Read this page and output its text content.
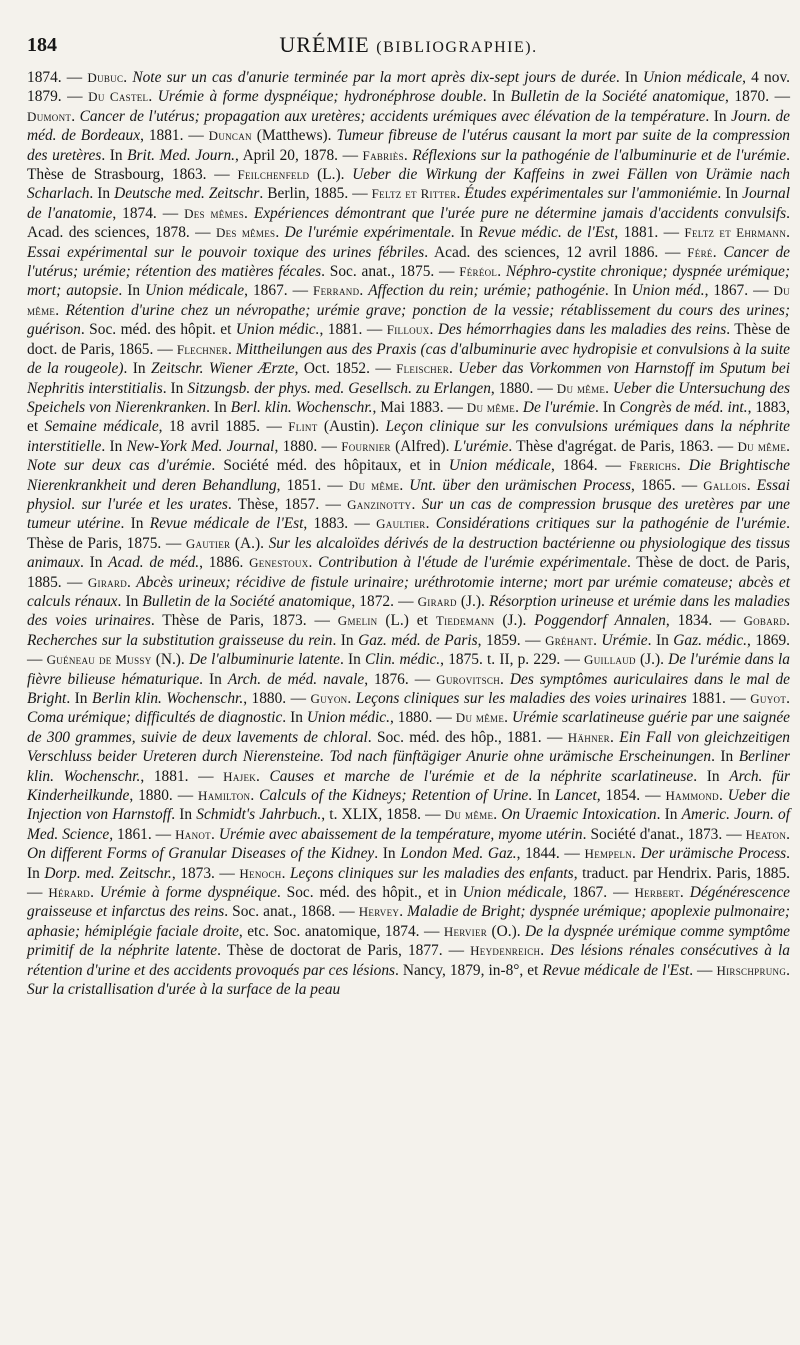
184	URÉMIE (BIBLIOGRAPHIE).
1874. — Dubuc. Note sur un cas d'anurie terminée par la mort après dix-sept jours de durée. In Union médicale, 4 nov. 1879. — Du Castel. Urémie à forme dyspnéique; hydronéphrose double. In Bulletin de la Société anatomique, 1870. — Dumont. Cancer de l'utérus; propagation aux uretères; accidents urémiques avec élévation de la température. In Journ. de méd. de Bordeaux, 1881. — Duncan (Matthews). Tumeur fibreuse de l'utérus causant la mort par suite de la compression des uretères. In Brit. Med. Journ., April 20, 1878. — Fabriès. Réflexions sur la pathogénie de l'albuminurie et de l'urémie. Thèse de Strasbourg, 1863. — Feilchenfeld (L.). Ueber die Wirkung der Kaffeins in zwei Fällen von Urämie nach Scharlach. In Deutsche med. Zeitschr. Berlin, 1885. — Feltz et Ritter. Études expérimentales sur l'ammoniémie. In Journal de l'anatomie, 1874. — Des mêmes. Expériences démontrant que l'urée pure ne détermine jamais d'accidents convulsifs. Acad. des sciences, 1878. — Des mêmes. De l'urémie expérimentale. In Revue médic. de l'Est, 1881. — Feltz et Ehrmann. Essai expérimental sur le pouvoir toxique des urines fébriles. Acad. des sciences, 12 avril 1886. — Féré. Cancer de l'utérus; urémie; rétention des matières fécales. Soc. anat., 1875. — Féréol. Néphro-cystite chronique; dyspnée urémique; mort; autopsie. In Union médicale, 1867. — Ferrand. Affection du rein; urémie; pathogénie. In Union méd., 1867. — Du même. Rétention d'urine chez un névropathe; urémie grave; ponction de la vessie; rétablissement du cours des urines; guérison. Soc. méd. des hôpit. et Union médic., 1881. — Filloux. Des hémorrhagies dans les maladies des reins. Thèse de doct. de Paris, 1865. — Flechner. Mittheilungen aus des Praxis (cas d'albuminurie avec hydropisie et convulsions à la suite de la rougeole). In Zeitschr. Wiener Ærzte, Oct. 1852. — Fleischer. Ueber das Vorkommen von Harnstoff im Sputum bei Nephritis interstitialis. In Sitzungsb. der phys. med. Gesellsch. zu Erlangen, 1880. — Du même. Ueber die Untersuchung des Speichels von Nierenkranken. In Berl. klin. Wochenschr., Mai 1883. — Du même. De l'urémie. In Congrès de méd. int., 1883, et Semaine médicale, 18 avril 1885. — Flint (Austin). Leçon clinique sur les convulsions urémiques dans la néphrite interstitielle. In New-York Med. Journal, 1880. — Fournier (Alfred). L'urémie. Thèse d'agrégat. de Paris, 1863. — Du même. Note sur deux cas d'urémie. Société méd. des hôpitaux, et in Union médicale, 1864. — Frerichs. Die Brightische Nierenkrankheit und deren Behandlung, 1851. — Du même. Unt. über den urämischen Process, 1865. — Gallois. Essai physiol. sur l'urée et les urates. Thèse, 1857. — Ganzinotty. Sur un cas de compression brusque des uretères par une tumeur utérine. In Revue médicale de l'Est, 1883. — Gaultier. Considérations critiques sur la pathogénie de l'urémie. Thèse de Paris, 1875. — Gautier (A.). Sur les alcaloïdes dérivés de la destruction bactérienne ou physiologique des tissus animaux. In Acad. de méd., 1886. Genestoux. Contribution à l'étude de l'urémie expérimentale. Thèse de doct. de Paris, 1885. — Girard. Abcès urineux; récidive de fistule urinaire; uréthrotomie interne; mort par urémie comateuse; abcès et calculs rénaux. In Bulletin de la Société anatomique, 1872. — Girard (J.). Résorption urineuse et urémie dans les maladies des voies urinaires. Thèse de Paris, 1873. — Gmelin (L.) et Tiedemann (J.). Poggendorf Annalen, 1834. — Gobard. Recherches sur la substitution graisseuse du rein. In Gaz. méd. de Paris, 1859. — Gréhant. Urémie. In Gaz. médic., 1869. — Guéneau de Mussy (N.). De l'albuminurie latente. In Clin. médic., 1875. t. II, p. 229. — Guillaud (J.). De l'urémie dans la fièvre bilieuse hématurique. In Arch. de méd. navale, 1876. — Gurovitsch. Des symptômes auriculaires dans le mal de Bright. In Berlin klin. Wochenschr., 1880. — Guyon. Leçons cliniques sur les maladies des voies urinaires 1881. — Guyot. Coma urémique; difficultés de diagnostic. In Union médic., 1880. — Du même. Urémie scarlatineuse guérie par une saignée de 300 grammes, suivie de deux lavements de chloral. Soc. méd. des hôp., 1881. — Hähner. Ein Fall von gleichzeitigen Verschluss beider Ureteren durch Nierensteine. Tod nach fünftägiger Anurie ohne urämische Erscheinungen. In Berliner klin. Wochenschr., 1881. — Hajek. Causes et marche de l'urémie et de la néphrite scarlatineuse. In Arch. für Kinderheilkunde, 1880. — Hamilton. Calculs of the Kidneys; Retention of Urine. In Lancet, 1854. — Hammond. Ueber die Injection von Harnstoff. In Schmidt's Jahrbuch., t. XLIX, 1858. — Du même. On Uraemic Intoxication. In Americ. Journ. of Med. Science, 1861. — Hanot. Urémie avec abaissement de la température, myome utérin. Société d'anat., 1873. — Heaton. On different Forms of Granular Diseases of the Kidney. In London Med. Gaz., 1844. — Hempeln. Der urämische Process. In Dorp. med. Zeitschr., 1873. — Henoch. Leçons cliniques sur les maladies des enfants, traduct. par Hendrix. Paris, 1885. — Hérard. Urémie à forme dyspnéique. Soc. méd. des hôpit., et in Union médicale, 1867. — Herbert. Dégénérescence graisseuse et infarctus des reins. Soc. anat., 1868. — Hervey. Maladie de Bright; dyspnée urémique; apoplexie pulmonaire; aphasie; hémiplégie faciale droite, etc. Soc. anatomique, 1874. — Hervier (O.). De la dyspnée urémique comme symptôme primitif de la néphrite latente. Thèse de doctorat de Paris, 1877. — Heydenreich. Des lésions rénales consécutives à la rétention d'urine et des accidents provoqués par ces lésions. Nancy, 1879, in-8°, et Revue médicale de l'Est. — Hirschprung. Sur la cristallisation d'urée à la surface de la peau
